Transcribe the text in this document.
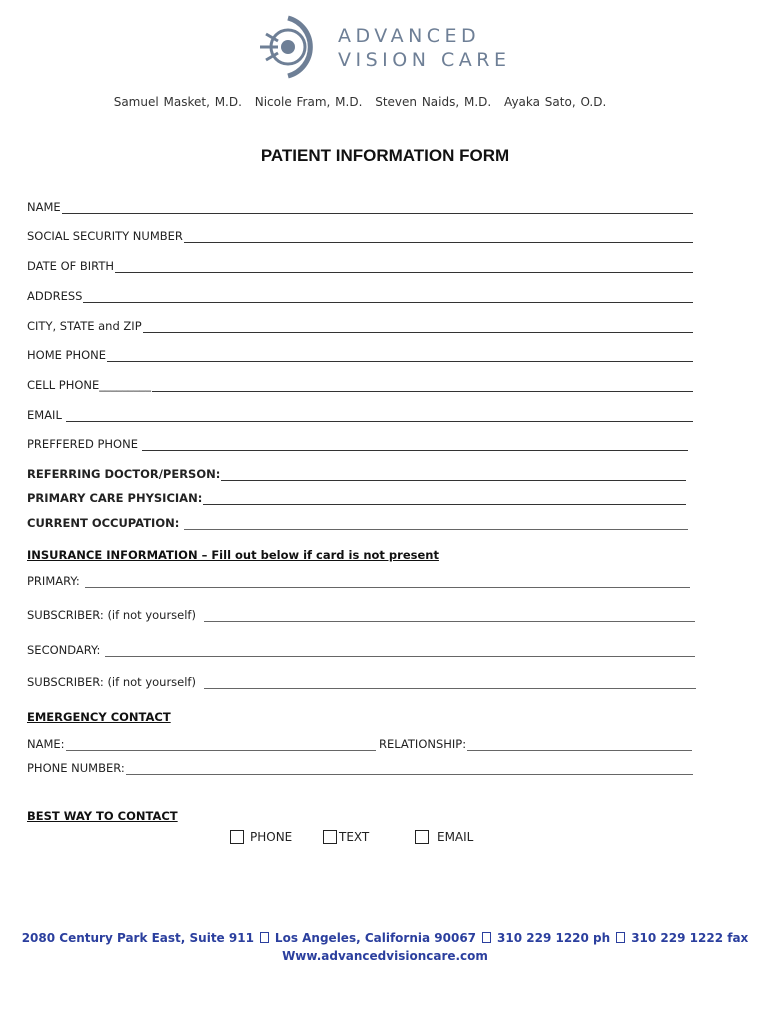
ADVANCED
VISION CARE
Samuel Masket, M.D. Nicole Fram, M.D. Steven Naids, M.D. Ayaka Sato, O.D.
PATIENT INFORMATION FORM
NAME
SOCIAL SECURITY NUMBER
DATE OF BIRTH
ADDRESS
CITY, STATE and ZIP
HOME PHONE
CELL PHONE_________
EMAIL
PREFFERED PHONE
REFERRING DOCTOR/PERSON:
PRIMARY CARE PHYSICIAN:
CURRENT OCCUPATION:
INSURANCE INFORMATION – Fill out below if card is not present
PRIMARY:
SUBSCRIBER: (if not yourself)
SECONDARY:
SUBSCRIBER: (if not yourself)
EMERGENCY CONTACT
NAME:	RELATIONSHIP:
PHONE NUMBER:
BEST WAY TO CONTACT
PHONE	TEXT	EMAIL
2080 Century Park East, Suite 911 Los Angeles, California 90067 310 229 1220 ph 310 229 1222 fax
Www.advancedvisioncare.com
